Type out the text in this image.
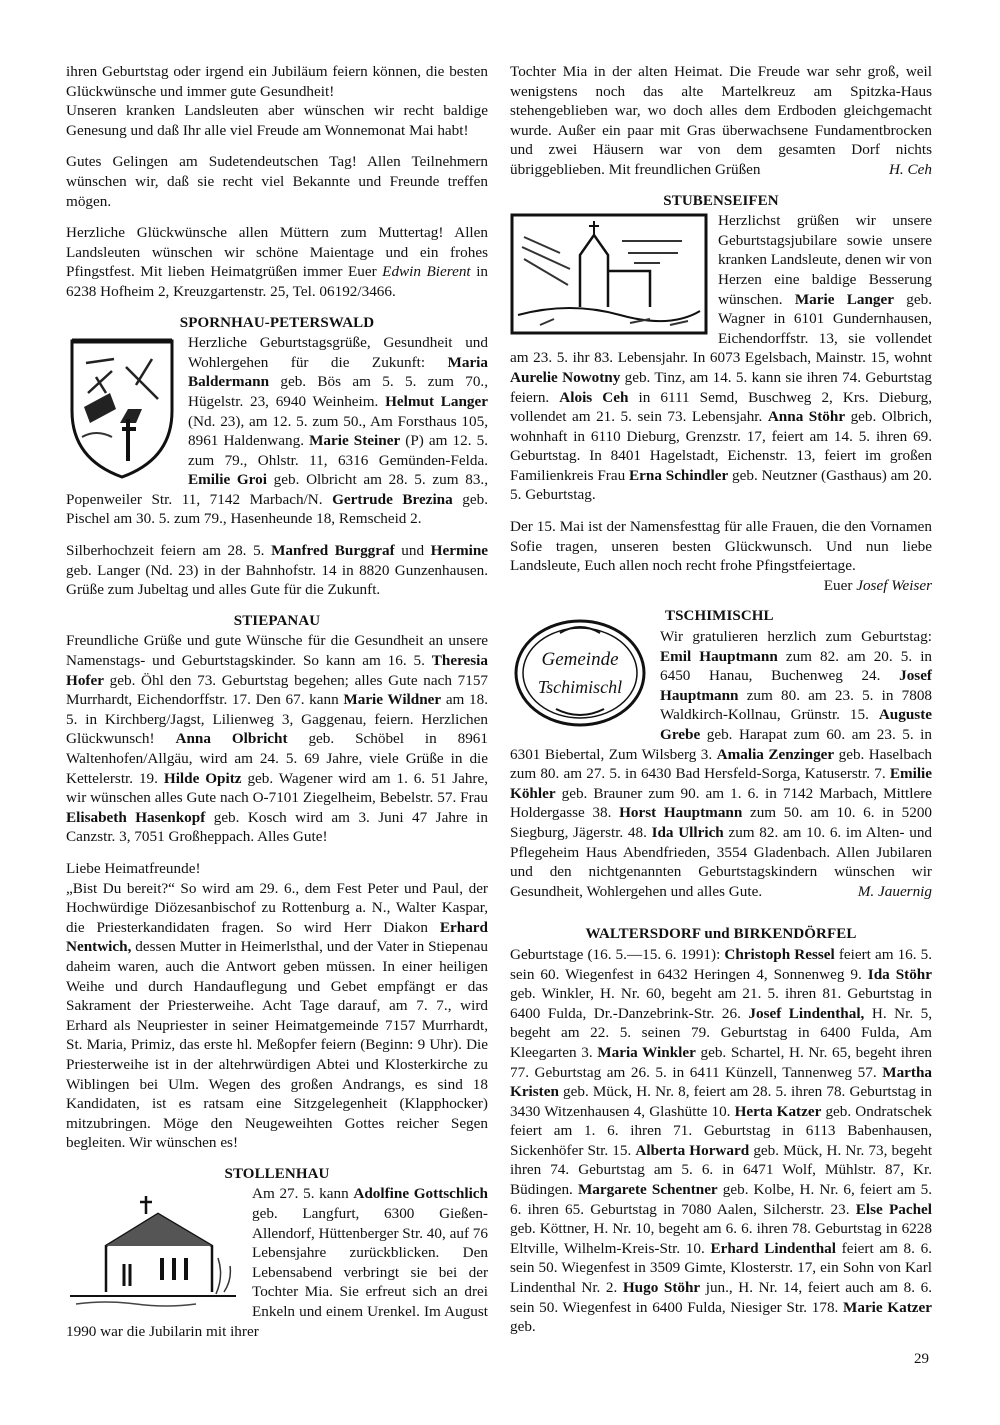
ihren Geburtstag oder irgend ein Jubiläum feiern können, die besten Glückwünsche und immer gute Gesundheit!

Unseren kranken Landsleuten aber wünschen wir recht baldige Genesung und daß Ihr alle viel Freude am Wonnemonat Mai habt!

Gutes Gelingen am Sudetendeutschen Tag! Allen Teilnehmern wünschen wir, daß sie recht viel Bekannte und Freunde treffen mögen.

Herzliche Glückwünsche allen Müttern zum Muttertag! Allen Landsleuten wünschen wir schöne Maientage und ein frohes Pfingstfest. Mit lieben Heimatgrüßen immer Euer Edwin Bierent in 6238 Hofheim 2, Kreuzgartenstr. 25, Tel. 06192/3466.

SPORNHAU-PETERSWALD

Herzliche Geburtstagsgrüße, Gesundheit und Wohlergehen für die Zukunft: Maria Baldermann geb. Bös am 5. 5. zum 70., Hügelstr. 23, 6940 Weinheim. Helmut Langer (Nd. 23), am 12. 5. zum 50., Am Forsthaus 105, 8961 Haldenwang. Marie Steiner (P) am 12. 5. zum 79., Ohlstr. 11, 6316 Gemünden-Felda. Emilie Groi geb. Olbricht am 28. 5. zum 83., Popenweiler Str. 11, 7142 Marbach/N. Gertrude Brezina geb. Pischel am 30. 5. zum 79., Hasenheunde 18, Remscheid 2.

Silberhochzeit feiern am 28. 5. Manfred Burggraf und Hermine geb. Langer (Nd. 23) in der Bahnhofstr. 14 in 8820 Gunzenhausen. Grüße zum Jubeltag und alles Gute für die Zukunft.

STIEPANAU

Freundliche Grüße und gute Wünsche für die Gesundheit an unsere Namenstags- und Geburtstagskinder. So kann am 16. 5. Theresia Hofer geb. Öhl den 73. Geburtstag begehen; alles Gute nach 7157 Murrhardt, Eichendorffstr. 17. Den 67. kann Marie Wildner am 18. 5. in Kirchberg/Jagst, Lilienweg 3, Gaggenau, feiern. Herzlichen Glückwunsch! Anna Olbricht geb. Schöbel in 8961 Waltenhofen/Allgäu, wird am 24. 5. 69 Jahre, viele Grüße in die Kettelerstr. 19. Hilde Opitz geb. Wagener wird am 1. 6. 51 Jahre, wir wünschen alles Gute nach O-7101 Ziegelheim, Bebelstr. 57. Frau Elisabeth Hasenkopf geb. Kosch wird am 3. Juni 47 Jahre in Canzstr. 3, 7051 Großheppach. Alles Gute!

Liebe Heimatfreunde!

„Bist Du bereit?“ So wird am 29. 6., dem Fest Peter und Paul, der Hochwürdige Diözesanbischof zu Rottenburg a. N., Walter Kaspar, die Priesterkandidaten fragen. So wird Herr Diakon Erhard Nentwich, dessen Mutter in Heimerlsthal, und der Vater in Stiepenau daheim waren, auch die Antwort geben müssen. In einer heiligen Weihe und durch Handauflegung und Gebet empfängt er das Sakrament der Priesterweihe. Acht Tage darauf, am 7. 7., wird Erhard als Neupriester in seiner Heimatgemeinde 7157 Murrhardt, St. Maria, Primiz, das erste hl. Meßopfer feiern (Beginn: 9 Uhr). Die Priesterweihe ist in der altehrwürdigen Abtei und Klosterkirche zu Wiblingen bei Ulm. Wegen des großen Andrangs, es sind 18 Kandidaten, ist es ratsam eine Sitzgelegenheit (Klapphocker) mitzubringen. Möge den Neugeweihten Gottes reicher Segen begleiten. Wir wünschen es!

STOLLENHAU

Am 27. 5. kann Adolfine Gottschlich geb. Langfurt, 6300 Gießen-Allendorf, Hüttenberger Str. 40, auf 76 Lebensjahre zurückblicken. Den Lebensabend verbringt sie bei der Tochter Mia. Sie erfreut sich an drei Enkeln und einem Urenkel. Im August 1990 war die Jubilarin mit ihrer

Tochter Mia in der alten Heimat. Die Freude war sehr groß, weil wenigstens noch das alte Martelkreuz am Spitzka-Haus stehengeblieben war, wo doch alles dem Erdboden gleichgemacht wurde. Außer ein paar mit Gras überwachsene Fundamentbrocken und zwei Häusern war von dem gesamten Dorf nichts übriggeblieben. Mit freundlichen Grüßen	H. Ceh

STUBENSEIFEN

Herzlichst grüßen wir unsere Geburtstagsjubilare sowie unsere kranken Landsleute, denen wir von Herzen eine baldige Besserung wünschen. Marie Langer geb. Wagner in 6101 Gundernhausen, Eichendorffstr. 13, sie vollendet am 23. 5. ihr 83. Lebensjahr. In 6073 Egelsbach, Mainstr. 15, wohnt Aurelie Nowotny geb. Tinz, am 14. 5. kann sie ihren 74. Geburtstag feiern. Alois Ceh in 6111 Semd, Buschweg 2, Krs. Dieburg, vollendet am 21. 5. sein 73. Lebensjahr. Anna Stöhr geb. Olbrich, wohnhaft in 6110 Dieburg, Grenzstr. 17, feiert am 14. 5. ihren 69. Geburtstag. In 8401 Hagelstadt, Eichenstr. 13, feiert im großen Familienkreis Frau Erna Schindler geb. Neutzner (Gasthaus) am 20. 5. Geburtstag.

Der 15. Mai ist der Namensfesttag für alle Frauen, die den Vornamen Sofie tragen, unseren besten Glückwunsch. Und nun liebe Landsleute, Euch allen noch recht frohe Pfingstfeiertage.

Euer Josef Weiser

TSCHIMISCHL
Gemeinde
Tschimischl

Wir gratulieren herzlich zum Geburtstag: Emil Hauptmann zum 82. am 20. 5. in 6450 Hanau, Buchenweg 24. Josef Hauptmann zum 80. am 23. 5. in 7808 Waldkirch-Kollnau, Grünstr. 15. Auguste Grebe geb. Harapat zum 60. am 23. 5. in 6301 Biebertal, Zum Wilsberg 3. Amalia Zenzinger geb. Haselbach zum 80. am 27. 5. in 6430 Bad Hersfeld-Sorga, Katuserstr. 7. Emilie Köhler geb. Brauner zum 90. am 1. 6. in 7142 Marbach, Mittlere Holdergasse 38. Horst Hauptmann zum 50. am 10. 6. in 5200 Siegburg, Jägerstr. 48. Ida Ullrich zum 82. am 10. 6. im Alten- und Pflegeheim Haus Abendfrieden, 3554 Gladenbach. Allen Jubilaren und den nichtgenannten Geburtstagskindern wünschen wir Gesundheit, Wohlergehen und alles Gute.	M. Jauernig

WALTERSDORF und BIRKENDÖRFEL

Geburtstage (16. 5.—15. 6. 1991): Christoph Ressel feiert am 16. 5. sein 60. Wiegenfest in 6432 Heringen 4, Sonnenweg 9. Ida Stöhr geb. Winkler, H. Nr. 60, begeht am 21. 5. ihren 81. Geburtstag in 6400 Fulda, Dr.-Danzebrink-Str. 26. Josef Lindenthal, H. Nr. 5, begeht am 22. 5. seinen 79. Geburtstag in 6400 Fulda, Am Kleegarten 3. Maria Winkler geb. Schartel, H. Nr. 65, begeht ihren 77. Geburtstag am 26. 5. in 6411 Künzell, Tannenweg 57. Martha Kristen geb. Mück, H. Nr. 8, feiert am 28. 5. ihren 78. Geburtstag in 3430 Witzenhausen 4, Glashütte 10. Herta Katzer geb. Ondratschek feiert am 1. 6. ihren 71. Geburtstag in 6113 Babenhausen, Sickenhöfer Str. 15. Alberta Horward geb. Mück, H. Nr. 73, begeht ihren 74. Geburtstag am 5. 6. in 6471 Wolf, Mühlstr. 87, Kr. Büdingen. Margarete Schentner geb. Kolbe, H. Nr. 6, feiert am 5. 6. ihren 65. Geburtstag in 7080 Aalen, Silcherstr. 23. Else Pachel geb. Köttner, H. Nr. 10, begeht am 6. 6. ihren 78. Geburtstag in 6228 Eltville, Wilhelm-Kreis-Str. 10. Erhard Lindenthal feiert am 8. 6. sein 50. Wiegenfest in 3509 Gimte, Klosterstr. 17, ein Sohn von Karl Lindenthal Nr. 2. Hugo Stöhr jun., H. Nr. 14, feiert auch am 8. 6. sein 50. Wiegenfest in 6400 Fulda, Niesiger Str. 178. Marie Katzer geb.

29
